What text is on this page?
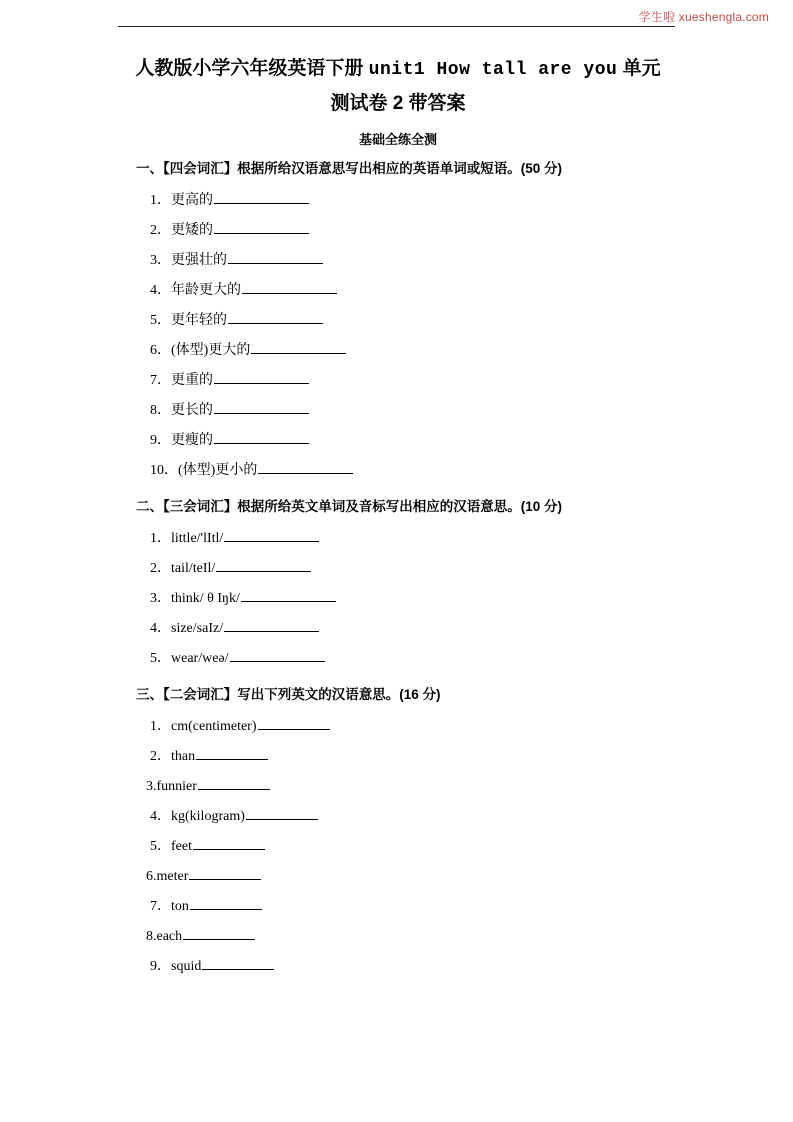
学生啦 xueshengla.com
人教版小学六年级英语下册 unit1 How tall are you 单元
测试卷 2 带答案
基础全练全测
一、【四会词汇】根据所给汉语意思写出相应的英语单词或短语。(50 分)
1．更高的
2．更矮的
3．更强壮的
4．年龄更大的
5．更年轻的
6．(体型)更大的
7．更重的
8．更长的
9．更瘦的
10．(体型)更小的
二、【三会词汇】根据所给英文单词及音标写出相应的汉语意思。(10 分)
1．little/'lItl/
2．tail/teIl/
3．think/ θ Iŋk/
4．size/saIz/
5．wear/weə/
三、【二会词汇】写出下列英文的汉语意思。(16 分)
1．cm(centimeter)
2．than
3.funnier
4．kg(kilogram)
5．feet
6.meter
7．ton
8.each
9．squid
